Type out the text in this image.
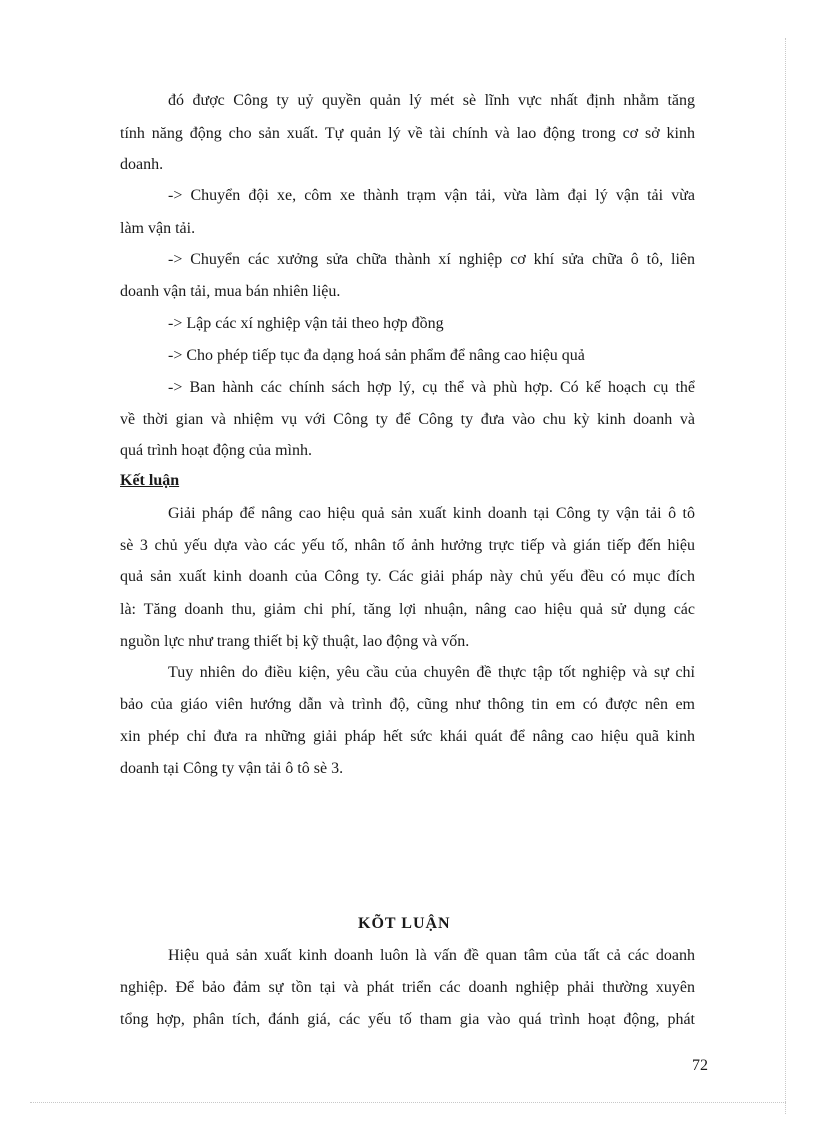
đó được Công ty uỷ quyền quản lý mét sè lĩnh vực nhất định nhằm tăng
tính năng động cho sản xuất. Tự quản lý về tài chính và lao động trong cơ sở kinh
doanh.
-> Chuyển đội xe, côm xe thành trạm vận tải, vừa làm đại lý vận tải vừa
làm vận tải.
-> Chuyển các xưởng sửa chữa thành xí nghiệp cơ khí sửa chữa ô tô, liên
doanh vận tải, mua bán nhiên liệu.
-> Lập các xí nghiệp vận tải theo hợp đồng
-> Cho phép tiếp tục đa dạng hoá sản phẩm để nâng cao hiệu quả
-> Ban hành các chính sách hợp lý, cụ thể và phù hợp. Có kế hoạch cụ thể
về thời gian và nhiệm vụ với Công ty để Công ty đưa vào chu kỳ kinh doanh và
quá trình hoạt động của mình.
Kết luận
Giải pháp để nâng cao hiệu quả sản xuất kinh doanh tại Công ty vận tải ô tô
sè 3 chủ yếu dựa vào các yếu tố, nhân tố ảnh hưởng trực tiếp và gián tiếp đến hiệu
quả sản xuất kinh doanh của Công ty. Các giải pháp này chủ yếu đều có mục đích
là: Tăng doanh thu, giảm chi phí, tăng lợi nhuận, nâng cao hiệu quả sử dụng các
nguồn lực như trang thiết bị kỹ thuật, lao động và vốn.
Tuy nhiên do điều kiện, yêu cầu của chuyên đề thực tập tốt nghiệp và sự chỉ
bảo của giáo viên hướng dẫn và trình độ, cũng như thông tin em có được nên em
xin phép chỉ đưa ra những giải pháp hết sức khái quát để nâng cao hiệu quã kinh
doanh tại Công ty vận tải ô tô sè 3.
KÕT LUẬN
Hiệu quả sản xuất kinh doanh luôn là vấn đề quan tâm của tất cả các doanh
nghiệp. Để bảo đảm sự tồn tại và phát triển các doanh nghiệp phải thường xuyên
tổng hợp, phân tích, đánh giá, các yếu tố tham gia vào quá trình hoạt động, phát
72
